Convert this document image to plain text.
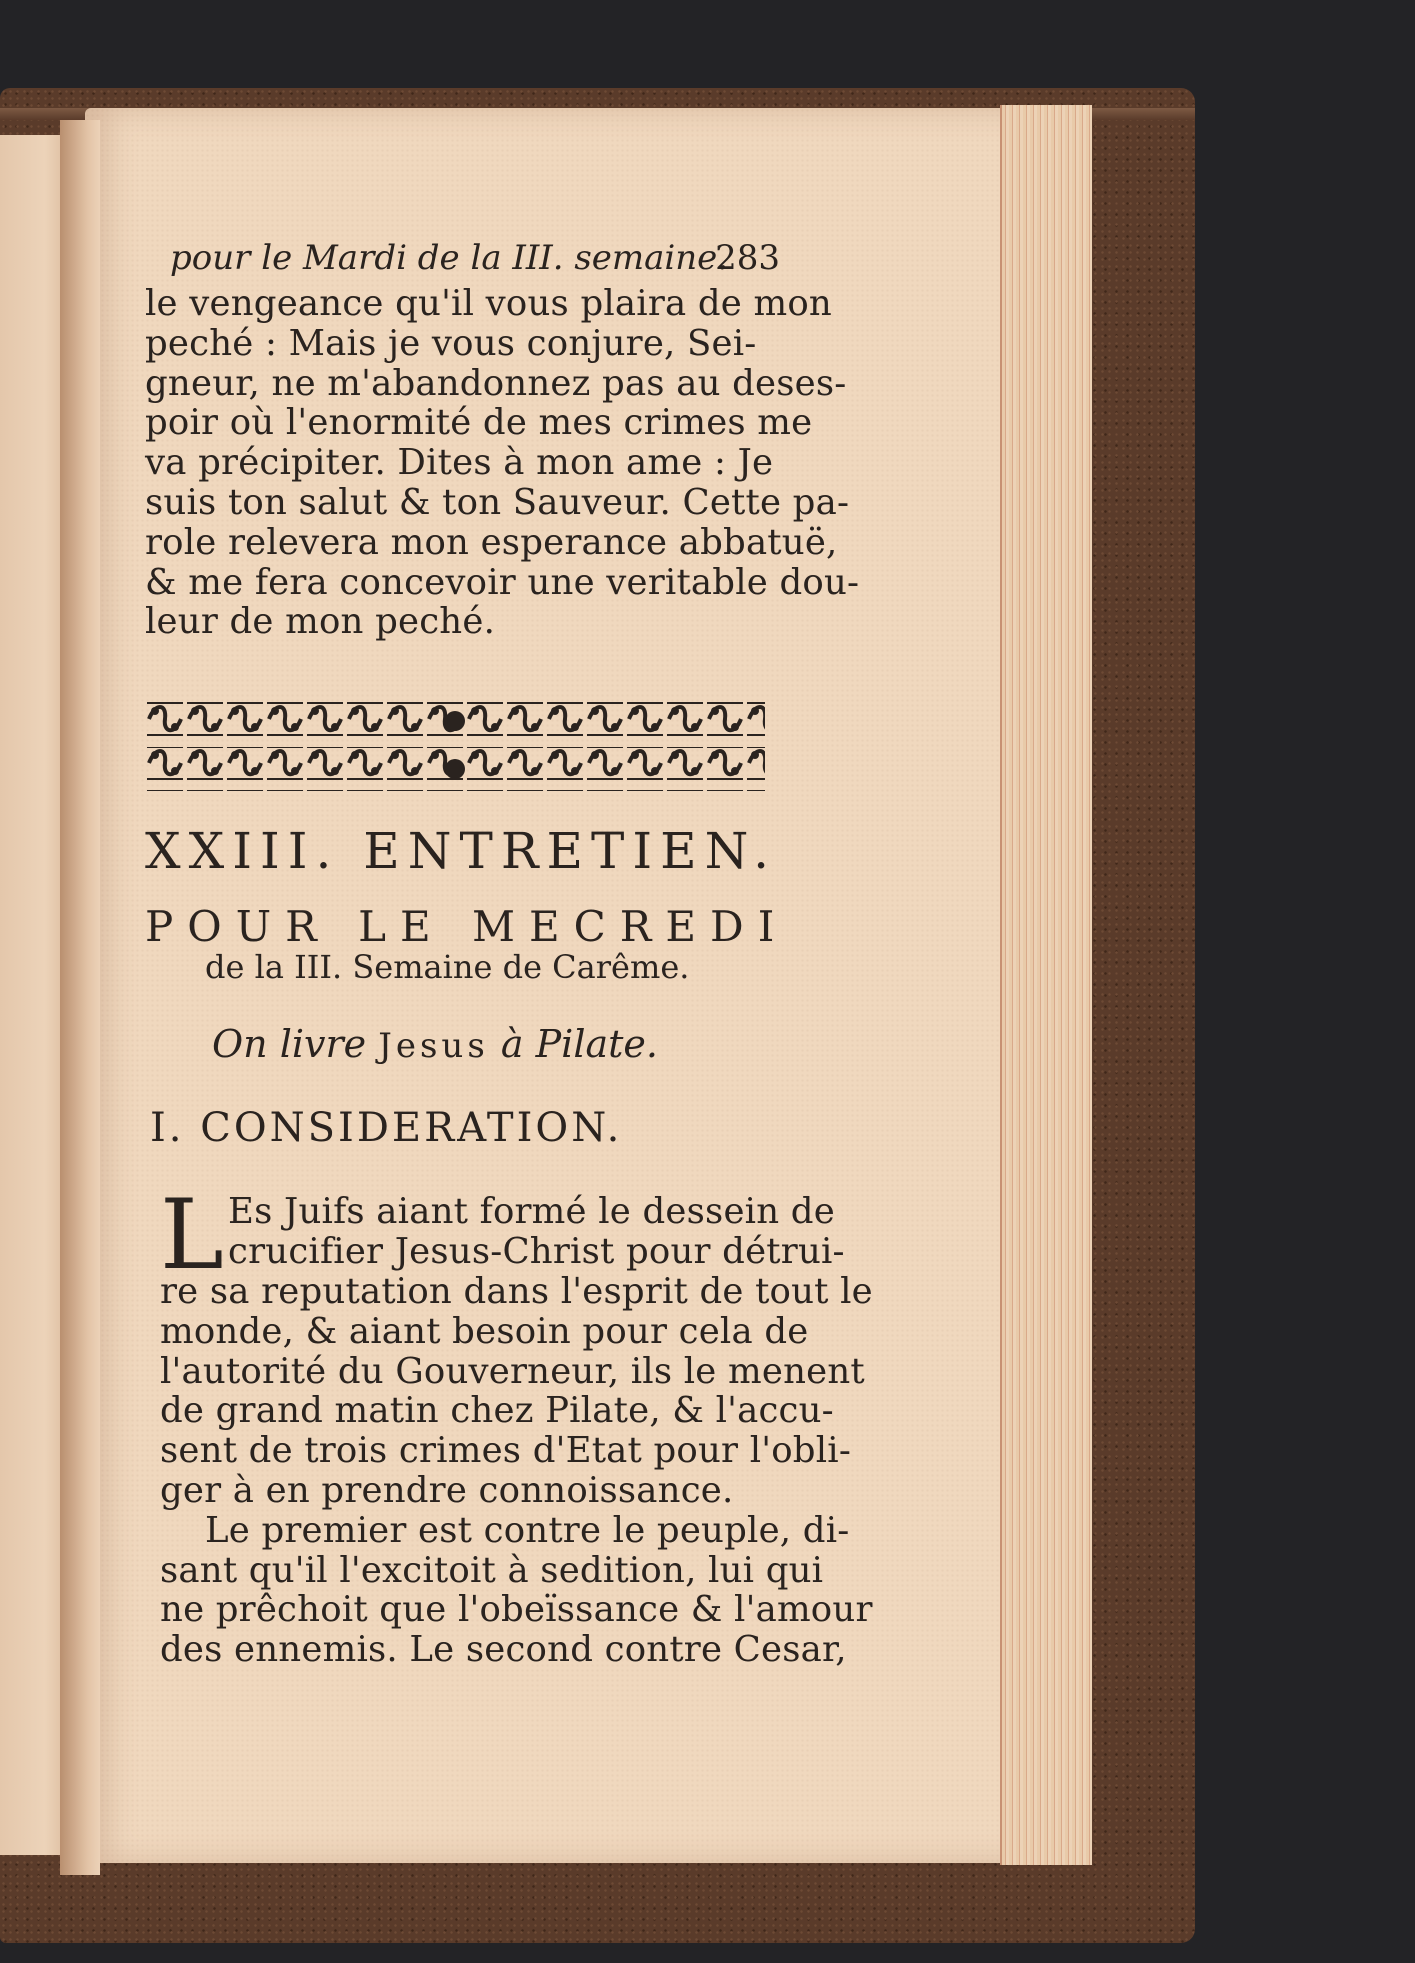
pour le Mardi de la III. semaine.
283
le vengeance qu'il vous plaira de mon
peché : Mais je vous conjure, Sei-
gneur, ne m'abandonnez pas au deses-
poir où l'enormité de mes crimes me
va précipiter. Dites à mon ame : Je
suis ton salut & ton Sauveur. Cette pa-
role relevera mon esperance abbatuë,
& me fera concevoir une veritable dou-
leur de mon peché.
XXIII. ENTRETIEN.
POUR LE MECREDI
de la III. Semaine de Carême.
On livre Jesus à Pilate.
I. CONSIDERATION.
L Es Juifs aiant formé le dessein de
crucifier Jesus-Christ pour détrui-
re sa reputation dans l'esprit de tout le
monde, & aiant besoin pour cela de
l'autorité du Gouverneur, ils le menent
de grand matin chez Pilate, & l'accu-
sent de trois crimes d'Etat pour l'obli-
ger à en prendre connoissance.
Le premier est contre le peuple, di-
sant qu'il l'excitoit à sedition, lui qui
ne prêchoit que l'obeïssance & l'amour
des ennemis. Le second contre Cesar,
